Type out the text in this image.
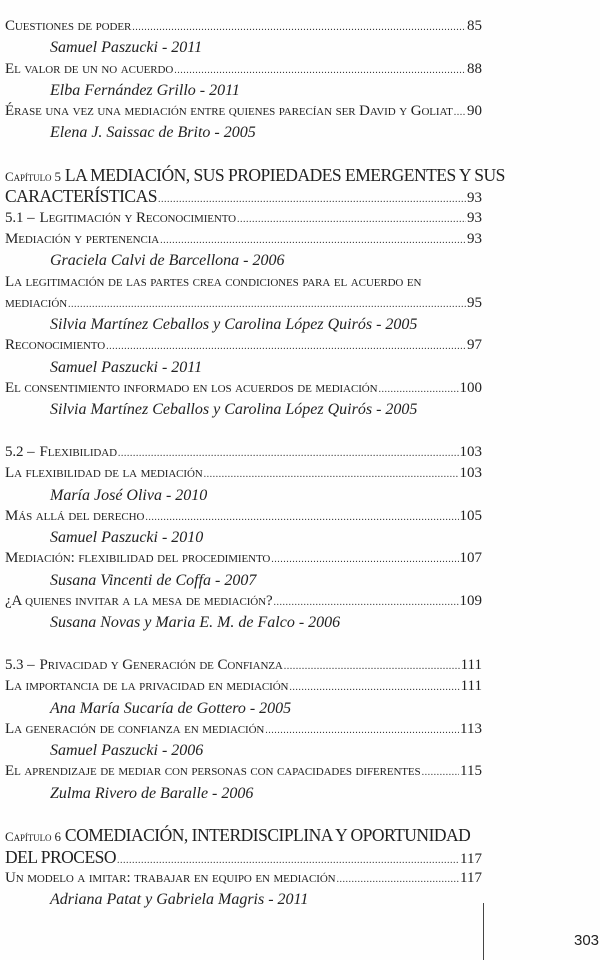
Cuestiones de poder .....	85
Samuel Paszucki - 2011
El valor de un no acuerdo .....	88
Elba Fernández Grillo - 2011
Érase una vez una mediación entre quienes parecían ser David y Goliat ..... 90
Elena J. Saissac de Brito - 2005
Capítulo 5 LA MEDIACIÓN, SUS PROPIEDADES EMERGENTES Y SUS
CARACTERÍSTICAS .....	93
5.1 – Legitimación y Reconocimiento .....	93
Mediación y pertenencia .....	93
Graciela Calvi de Barcellona - 2006
La legitimación de las partes crea condiciones para el acuerdo en
mediación .....	95
Silvia Martínez Ceballos y Carolina López Quirós - 2005
Reconocimiento .....	97
Samuel Paszucki - 2011
El consentimiento informado en los acuerdos de mediación .....	100
Silvia Martínez Ceballos y Carolina López Quirós - 2005
5.2 – Flexibilidad .....	103
La flexibilidad de la mediación .....	103
María José Oliva - 2010
Más allá del derecho .....	105
Samuel Paszucki - 2010
Mediación: flexibilidad del procedimiento .....	107
Susana Vincenti de Coffa - 2007
¿A quienes invitar a la mesa de mediación? .....	109
Susana Novas y Maria E. M. de Falco - 2006
5.3 – Privacidad y Generación de Confianza .....	111
La importancia de la privacidad en mediación .....	111
Ana María Sucaría de Gottero - 2005
La generación de confianza en mediación .....	113
Samuel Paszucki - 2006
El aprendizaje de mediar con personas con capacidades diferentes .....	115
Zulma Rivero de Baralle - 2006
Capítulo 6 COMEDIACIÓN, INTERDISCIPLINA Y OPORTUNIDAD
DEL PROCESO .....	117
Un modelo a imitar: trabajar en equipo en mediación .....	117
Adriana Patat y Gabriela Magris - 2011
303
